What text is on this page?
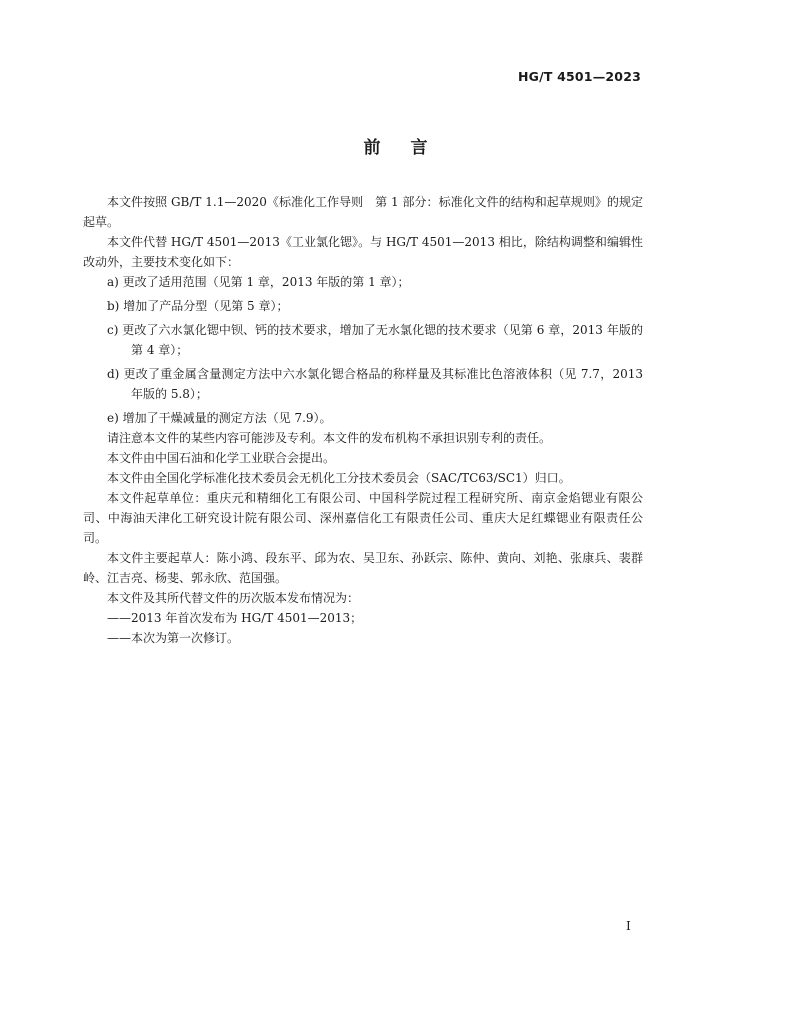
HG/T 4501—2023
前言

本文件按照 GB/T 1.1—2020《标准化工作导则　第 1 部分：标准化文件的结构和起草规则》的规定起草。

本文件代替 HG/T 4501—2013《工业氯化锶》。与 HG/T 4501—2013 相比，除结构调整和编辑性改动外，主要技术变化如下：

a) 更改了适用范围（见第 1 章，2013 年版的第 1 章）；
b) 增加了产品分型（见第 5 章）；
c) 更改了六水氯化锶中钡、钙的技术要求，增加了无水氯化锶的技术要求（见第 6 章，2013 年版的第 4 章）；
d) 更改了重金属含量测定方法中六水氯化锶合格品的称样量及其标准比色溶液体积（见 7.7，2013 年版的 5.8）；
e) 增加了干燥减量的测定方法（见 7.9）。

请注意本文件的某些内容可能涉及专利。本文件的发布机构不承担识别专利的责任。

本文件由中国石油和化学工业联合会提出。

本文件由全国化学标准化技术委员会无机化工分技术委员会（SAC/TC63/SC1）归口。

本文件起草单位：重庆元和精细化工有限公司、中国科学院过程工程研究所、南京金焰锶业有限公司、中海油天津化工研究设计院有限公司、深州嘉信化工有限责任公司、重庆大足红蝶锶业有限责任公司。

本文件主要起草人：陈小鸿、段东平、邱为农、吴卫东、孙跃宗、陈仲、黄向、刘艳、张康兵、裴群岭、江吉亮、杨斐、郭永欣、范国强。

本文件及其所代替文件的历次版本发布情况为：

——2013 年首次发布为 HG/T 4501—2013；
——本次为第一次修订。
I
